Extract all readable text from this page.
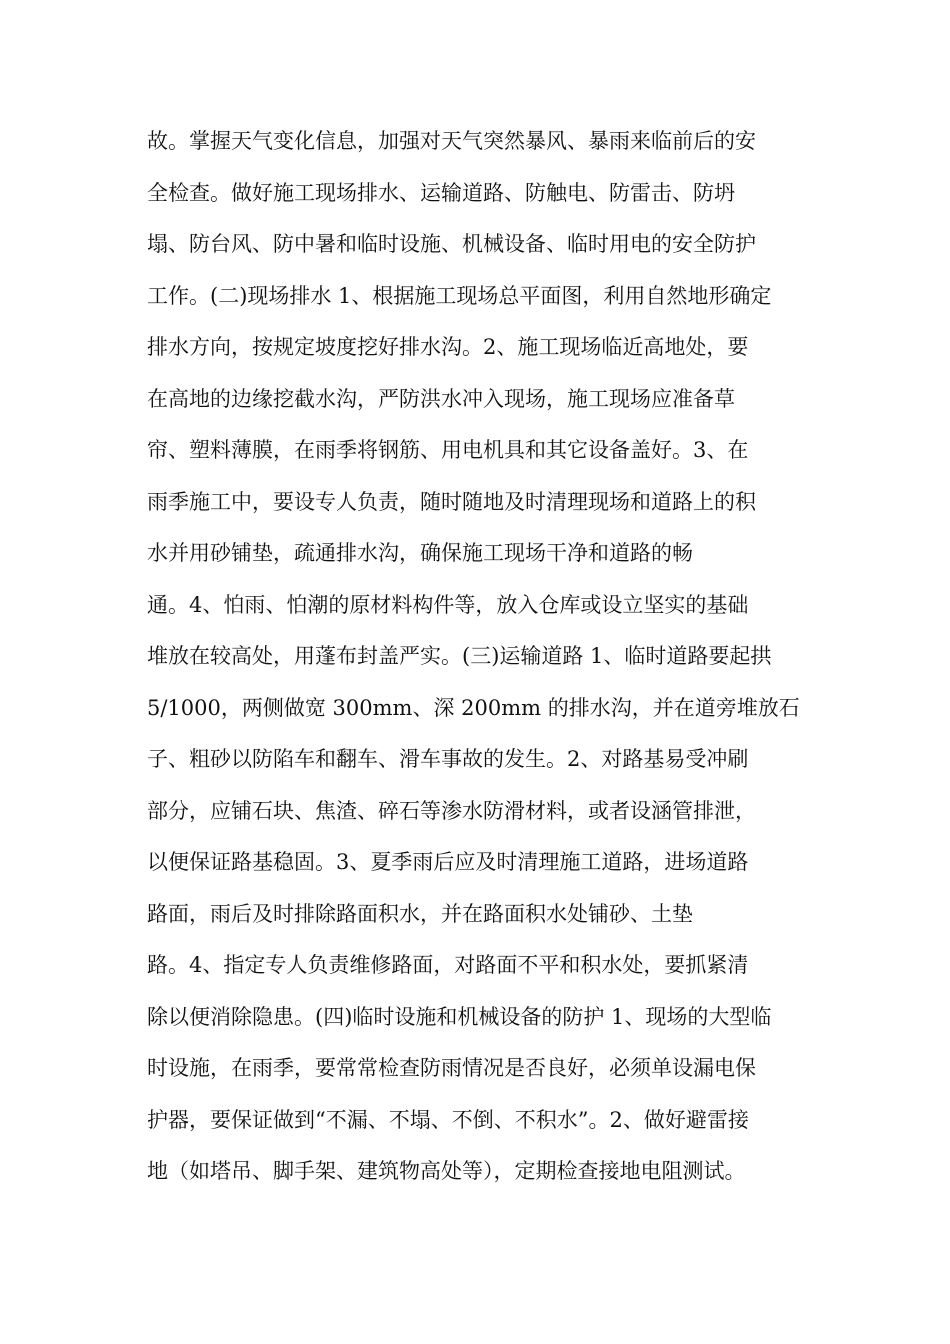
故。掌握天气变化信息，加强对天气突然暴风、暴雨来临前后的安
全检查。做好施工现场排水、运输道路、防触电、防雷击、防坍
塌、防台风、防中暑和临时设施、机械设备、临时用电的安全防护
工作。(二)现场排水 1、根据施工现场总平面图，利用自然地形确定
排水方向，按规定坡度挖好排水沟。2、施工现场临近高地处，要
在高地的边缘挖截水沟，严防洪水冲入现场，施工现场应准备草
帘、塑料薄膜，在雨季将钢筋、用电机具和其它设备盖好。3、在
雨季施工中，要设专人负责，随时随地及时清理现场和道路上的积
水并用砂铺垫，疏通排水沟，确保施工现场干净和道路的畅
通。4、怕雨、怕潮的原材料构件等，放入仓库或设立坚实的基础
堆放在较高处，用蓬布封盖严实。(三)运输道路 1、临时道路要起拱
5/1000，两侧做宽 300mm、深 200mm 的排水沟，并在道旁堆放石
子、粗砂以防陷车和翻车、滑车事故的发生。2、对路基易受冲刷
部分，应铺石块、焦渣、碎石等渗水防滑材料，或者设涵管排泄，
以便保证路基稳固。3、夏季雨后应及时清理施工道路，进场道路
路面，雨后及时排除路面积水，并在路面积水处铺砂、土垫
路。4、指定专人负责维修路面，对路面不平和积水处，要抓紧清
除以便消除隐患。(四)临时设施和机械设备的防护 1、现场的大型临
时设施，在雨季，要常常检查防雨情况是否良好，必须单设漏电保
护器，要保证做到“不漏、不塌、不倒、不积水”。2、做好避雷接
地（如塔吊、脚手架、建筑物高处等），定期检查接地电阻测试。
